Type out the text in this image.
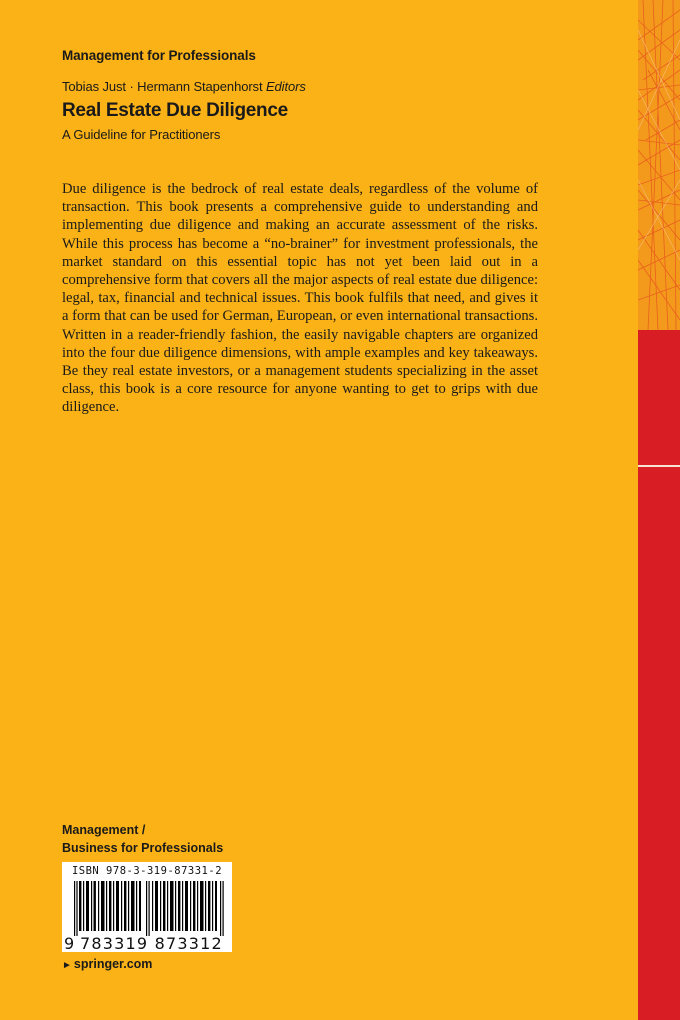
Management for Professionals
Tobias Just · Hermann Stapenhorst Editors
Real Estate Due Diligence
A Guideline for Practitioners

Due diligence is the bedrock of real estate deals, regardless of the volume of transaction. This book presents a comprehensive guide to understanding and implementing due diligence and making an accurate assessment of the risks. While this process has become a “no-brainer” for investment professionals, the market standard on this essential topic has not yet been laid out in a comprehensive form that covers all the major aspects of real estate due diligence: legal, tax, financial and technical issues. This book fulfils that need, and gives it a form that can be used for German, European, or even international transactions. Written in a reader-friendly fashion, the easily navigable chapters are organized into the four due diligence dimensions, with ample examples and key takeaways. Be they real estate investors, or a management students specializing in the asset class, this book is a core resource for anyone wanting to get to grips with due diligence.

Management /
Business for Professionals
ISBN 978-3-319-87331-2
9 783319 873312
► springer.com
